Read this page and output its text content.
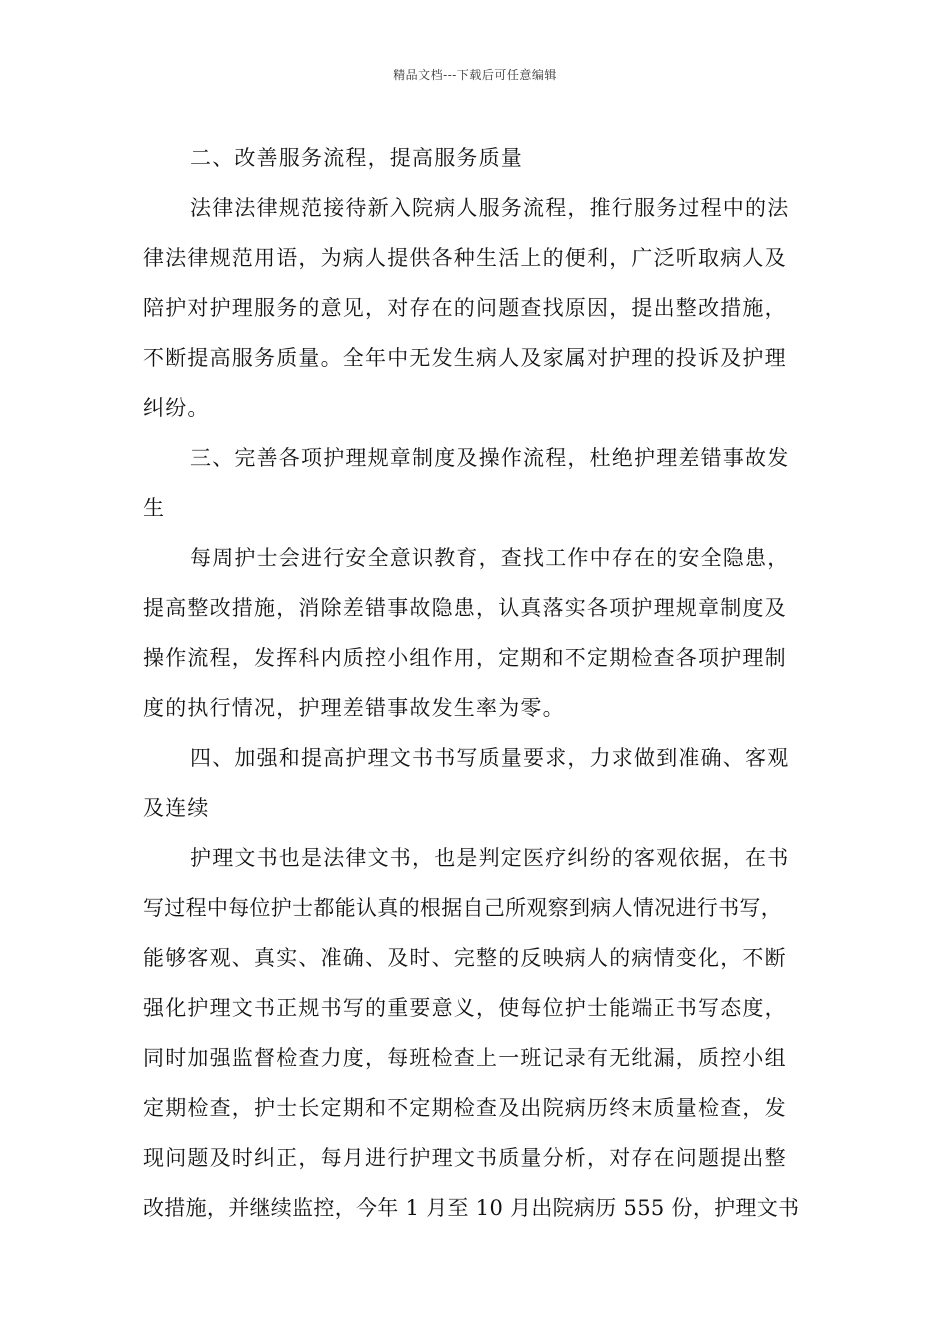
精品文档---下载后可任意编辑
二、改善服务流程，提高服务质量
法律法律规范接待新入院病人服务流程，推行服务过程中的法
律法律规范用语，为病人提供各种生活上的便利，广泛听取病人及
陪护对护理服务的意见，对存在的问题查找原因，提出整改措施，
不断提高服务质量。全年中无发生病人及家属对护理的投诉及护理
纠纷。
三、完善各项护理规章制度及操作流程，杜绝护理差错事故发
生
每周护士会进行安全意识教育，查找工作中存在的安全隐患，
提高整改措施，消除差错事故隐患，认真落实各项护理规章制度及
操作流程，发挥科内质控小组作用，定期和不定期检查各项护理制
度的执行情况，护理差错事故发生率为零。
四、加强和提高护理文书书写质量要求，力求做到准确、客观
及连续
护理文书也是法律文书，也是判定医疗纠纷的客观依据，在书
写过程中每位护士都能认真的根据自己所观察到病人情况进行书写，
能够客观、真实、准确、及时、完整的反映病人的病情变化，不断
强化护理文书正规书写的重要意义，使每位护士能端正书写态度，
同时加强监督检查力度，每班检查上一班记录有无纰漏，质控小组
定期检查，护士长定期和不定期检查及出院病历终末质量检查，发
现问题及时纠正，每月进行护理文书质量分析，对存在问题提出整
改措施，并继续监控，今年 1 月至 10 月出院病历 555 份，护理文书
